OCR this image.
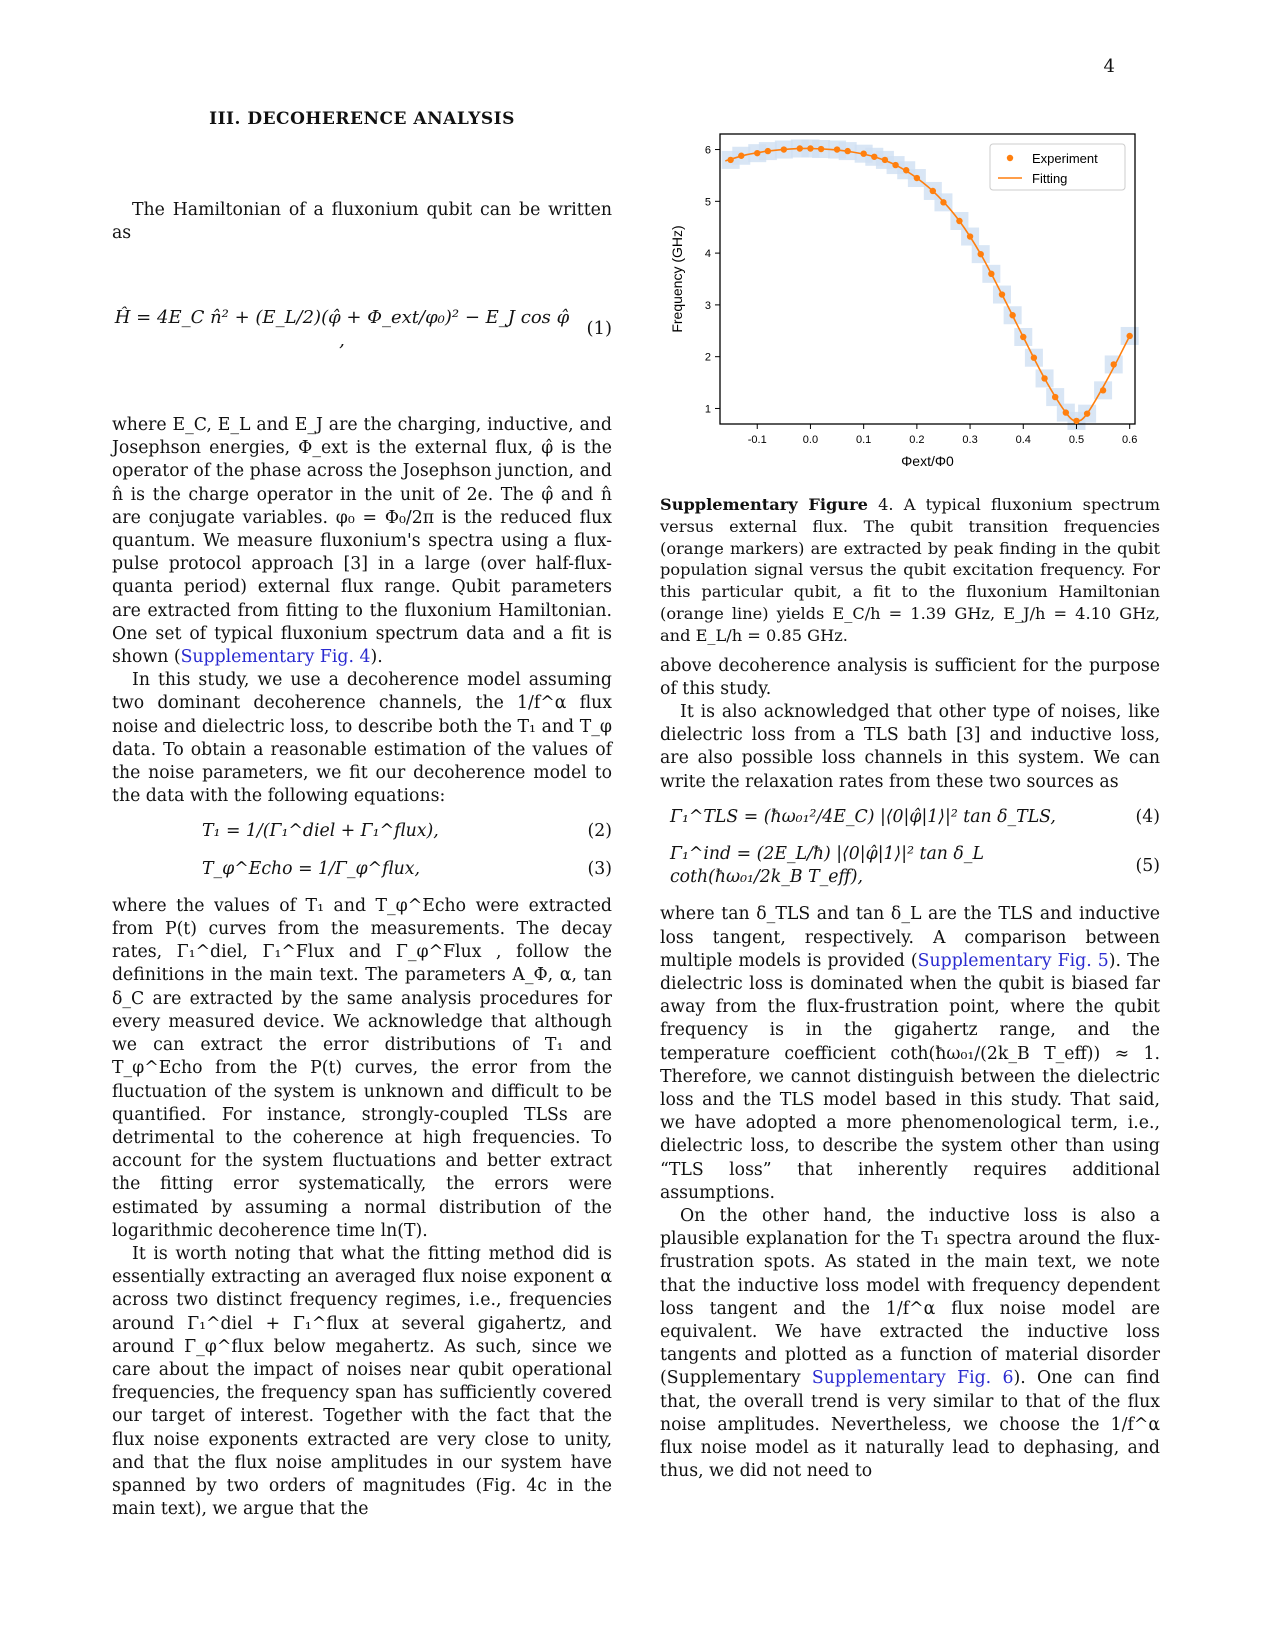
4
III. DECOHERENCE ANALYSIS

The Hamiltonian of a fluxonium qubit can be written as

Ĥ = 4E_C n̂² + (E_L/2)(φ̂ + Φ_ext/φ₀)² − E_J cos φ̂ ,
(1)

where E_C, E_L and E_J are the charging, inductive, and Josephson energies, Φ_ext is the external flux, φ̂ is the operator of the phase across the Josephson junction, and n̂ is the charge operator in the unit of 2e. The φ̂ and n̂ are conjugate variables. φ₀ = Φ₀/2π is the reduced flux quantum. We measure fluxonium's spectra using a flux-pulse protocol approach [3] in a large (over half-flux-quanta period) external flux range. Qubit parameters are extracted from fitting to the fluxonium Hamiltonian. One set of typical fluxonium spectrum data and a fit is shown (Supplementary Fig. 4).

In this study, we use a decoherence model assuming two dominant decoherence channels, the 1/f^α flux noise and dielectric loss, to describe both the T₁ and T_φ data. To obtain a reasonable estimation of the values of the noise parameters, we fit our decoherence model to the data with the following equations:

T₁ = 1/(Γ₁^diel + Γ₁^flux),	(2)
T_φ^Echo = 1/Γ_φ^flux,	(3)

where the values of T₁ and T_φ^Echo were extracted from P(t) curves from the measurements. The decay rates, Γ₁^diel, Γ₁^Flux and Γ_φ^Flux , follow the definitions in the main text. The parameters A_Φ, α, tan δ_C are extracted by the same analysis procedures for every measured device. We acknowledge that although we can extract the error distributions of T₁ and T_φ^Echo from the P(t) curves, the error from the fluctuation of the system is unknown and difficult to be quantified. For instance, strongly-coupled TLSs are detrimental to the coherence at high frequencies. To account for the system fluctuations and better extract the fitting error systematically, the errors were estimated by assuming a normal distribution of the logarithmic decoherence time ln(T).

It is worth noting that what the fitting method did is essentially extracting an averaged flux noise exponent α across two distinct frequency regimes, i.e., frequencies around Γ₁^diel + Γ₁^flux at several gigahertz, and around Γ_φ^flux below megahertz. As such, since we care about the impact of noises near qubit operational frequencies, the frequency span has sufficiently covered our target of interest. Together with the fact that the flux noise exponents extracted are very close to unity, and that the flux noise amplitudes in our system have spanned by two orders of magnitudes (Fig. 4c in the main text), we argue that the

-0.1	0.0	0.1	0.2	0.3	0.4	0.5	0.6
1
2
3
4
5
6
Φext/Φ0
Frequency (GHz)
Experiment
Fitting
Supplementary Figure 4. A typical fluxonium spectrum versus external flux. The qubit transition frequencies (orange markers) are extracted by peak finding in the qubit population signal versus the qubit excitation frequency. For this particular qubit, a fit to the fluxonium Hamiltonian (orange line) yields E_C/h = 1.39 GHz, E_J/h = 4.10 GHz, and E_L/h = 0.85 GHz.

above decoherence analysis is sufficient for the purpose of this study.

It is also acknowledged that other type of noises, like dielectric loss from a TLS bath [3] and inductive loss, are also possible loss channels in this system. We can write the relaxation rates from these two sources as

Γ₁^TLS = (ħω₀₁²/4E_C) |⟨0|φ̂|1⟩|² tan δ_TLS,	(4)
Γ₁^ind = (2E_L/ħ) |⟨0|φ̂|1⟩|² tan δ_L coth(ħω₀₁/2k_B T_eff),
(5)

where tan δ_TLS and tan δ_L are the TLS and inductive loss tangent, respectively. A comparison between multiple models is provided (Supplementary Fig. 5). The dielectric loss is dominated when the qubit is biased far away from the flux-frustration point, where the qubit frequency is in the gigahertz range, and the temperature coefficient coth(ħω₀₁/(2k_B T_eff)) ≈ 1. Therefore, we cannot distinguish between the dielectric loss and the TLS model based in this study. That said, we have adopted a more phenomenological term, i.e., dielectric loss, to describe the system other than using “TLS loss” that inherently requires additional assumptions.

On the other hand, the inductive loss is also a plausible explanation for the T₁ spectra around the flux-frustration spots. As stated in the main text, we note that the inductive loss model with frequency dependent loss tangent and the 1/f^α flux noise model are equivalent. We have extracted the inductive loss tangents and plotted as a function of material disorder (Supplementary Supplementary Fig. 6). One can find that, the overall trend is very similar to that of the flux noise amplitudes. Nevertheless, we choose the 1/f^α flux noise model as it naturally lead to dephasing, and thus, we did not need to
